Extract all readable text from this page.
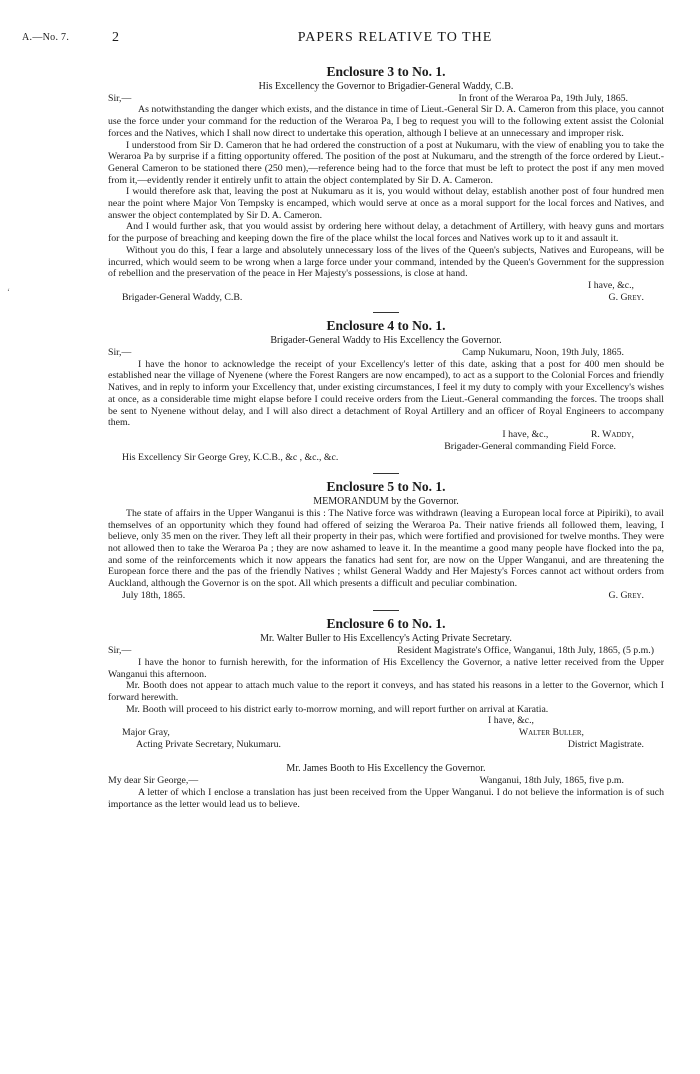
A.—No. 7.	2	PAPERS RELATIVE TO THE
‘
Enclosure 3 to No. 1.
His Excellency the Governor to Brigadier-General Waddy, C.B.
Sir,—	In front of the Weraroa Pa, 19th July, 1865.

As notwithstanding the danger which exists, and the distance in time of Lieut.-General Sir D. A. Cameron from this place, you cannot use the force under your command for the reduction of the Weraroa Pa, I beg to request you will to the following extent assist the Colonial forces and the Natives, which I shall now direct to undertake this operation, although I believe at an unnecessary and improper risk.

I understood from Sir D. Cameron that he had ordered the construction of a post at Nukumaru, with the view of enabling you to take the Weraroa Pa by surprise if a fitting opportunity offered. The position of the post at Nukumaru, and the strength of the force ordered by Lieut.-General Cameron to be stationed there (250 men),—reference being had to the force that must be left to protect the post if any men moved from it,—evidently render it entirely unfit to attain the object contemplated by Sir D. A. Cameron.

I would therefore ask that, leaving the post at Nukumaru as it is, you would without delay, establish another post of four hundred men near the point where Major Von Tempsky is encamped, which would serve at once as a moral support for the local forces and Natives, and answer the object contemplated by Sir D. A. Cameron.

And I would further ask, that you would assist by ordering here without delay, a detachment of Artillery, with heavy guns and mortars for the purpose of breaching and keeping down the fire of the place whilst the local forces and Natives work up to it and assault it.

Without you do this, I fear a large and absolutely unnecessary loss of the lives of the Queen's subjects, Natives and Europeans, will be incurred, which would seem to be wrong when a large force under your command, intended by the Queen's Government for the suppression of rebellion and the preservation of the peace in Her Majesty's possessions, is close at hand.

I have, &c.,
Brigader-General Waddy, C.B.	G. Grey.
Enclosure 4 to No. 1.
Brigader-General Waddy to His Excellency the Governor.
Sir,—	Camp Nukumaru, Noon, 19th July, 1865.

I have the honor to acknowledge the receipt of your Excellency's letter of this date, asking that a post for 400 men should be established near the village of Nyenene (where the Forest Rangers are now encamped), to act as a support to the Colonial Forces and friendly Natives, and in reply to inform your Excellency that, under existing circumstances, I feel it my duty to comply with your Excellency's wishes at once, as a considerable time might elapse before I could receive orders from the Lieut.-General commanding the forces. The troops shall be sent to Nyenene without delay, and I will also direct a detachment of Royal Artillery and an officer of Royal Engineers to accompany them.

I have, &c.,	R. Waddy,
Brigader-General commanding Field Force.
His Excellency Sir George Grey, K.C.B., &c , &c., &c.
Enclosure 5 to No. 1.
MEMORANDUM by the Governor.

The state of affairs in the Upper Wanganui is this : The Native force was withdrawn (leaving a European local force at Pipiriki), to avail themselves of an opportunity which they found had offered of seizing the Weraroa Pa. Their native friends all followed them, leaving, I believe, only 35 men on the river. They left all their property in their pas, which were fortified and provisioned for twelve months. They were not allowed then to take the Weraroa Pa ; they are now ashamed to leave it. In the meantime a good many people have flocked into the pa, and some of the reinforcements which it now appears the fanatics had sent for, are now on the Upper Wanganui, and are threatening the European force there and the pas of the friendly Natives ; whilst General Waddy and Her Majesty's Forces cannot act without orders from Auckland, although the Governor is on the spot. All which presents a difficult and peculiar combination.

July 18th, 1865.	G. Grey.
Enclosure 6 to No. 1.
Mr. Walter Buller to His Excellency's Acting Private Secretary.
Sir,—	Resident Magistrate's Office, Wanganui, 18th July, 1865, (5 p.m.)

I have the honor to furnish herewith, for the information of His Excellency the Governor, a native letter received from the Upper Wanganui this afternoon.

Mr. Booth does not appear to attach much value to the report it conveys, and has stated his reasons in a letter to the Governor, which I forward herewith.

Mr. Booth will proceed to his district early to-morrow morning, and will report further on arrival at Karatia.

I have, &c.,
Major Gray,	Walter Buller,
Acting Private Secretary, Nukumaru.	District Magistrate.
Mr. James Booth to His Excellency the Governor.
My dear Sir George,—	Wanganui, 18th July, 1865, five p.m.

A letter of which I enclose a translation has just been received from the Upper Wanganui. I do not believe the information is of such importance as the letter would lead us to believe.
